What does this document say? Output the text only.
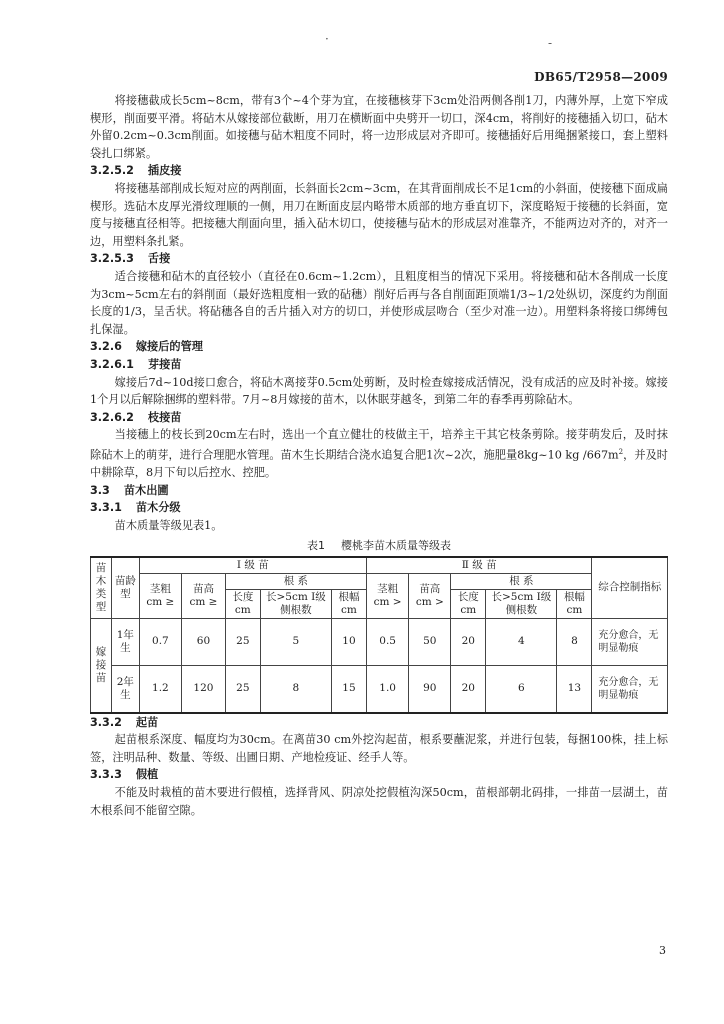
·	-
DB65/T2958—2009

将接穗截成长5cm~8cm，带有3个~4个芽为宜，在接穗核芽下3cm处沿两侧各削1刀，内薄外厚，上宽下窄成楔形，削面要平滑。将砧木从嫁接部位截断，用刀在横断面中央劈开一切口，深4cm，将削好的接穗插入切口，砧木外留0.2cm~0.3cm削面。如接穗与砧木粗度不同时，将一边形成层对齐即可。接穗插好后用绳捆紧接口，套上塑料袋扎口绑紧。

3.2.5.2 插皮接

将接穗基部削成长短对应的两削面，长斜面长2cm~3cm，在其背面削成长不足1cm的小斜面，使接穗下面成扁楔形。选砧木皮厚光滑纹理顺的一侧，用刀在断面皮层内略带木质部的地方垂直切下，深度略短于接穗的长斜面，宽度与接穗直径相等。把接穗大削面向里，插入砧木切口，使接穗与砧木的形成层对准靠齐，不能两边对齐的，对齐一边，用塑料条扎紧。

3.2.5.3 舌接

适合接穗和砧木的直径较小（直径在0.6cm~1.2cm），且粗度相当的情况下采用。将接穗和砧木各削成一长度为3cm~5cm左右的斜削面（最好选粗度相一致的砧穗）削好后再与各自削面距顶端1/3~1/2处纵切，深度约为削面长度的1/3，呈舌状。将砧穗各自的舌片插入对方的切口，并使形成层吻合（至少对准一边）。用塑料条将接口绑缚包扎保湿。

3.2.6 嫁接后的管理
3.2.6.1 芽接苗

嫁接后7d~10d接口愈合，将砧木离接芽0.5cm处剪断，及时检查嫁接成活情况，没有成活的应及时补接。嫁接1个月以后解除捆绑的塑料带。7月~8月嫁接的苗木，以休眠芽越冬，到第二年的春季再剪除砧木。

3.2.6.2 枝接苗

当接穗上的枝长到20cm左右时，选出一个直立健壮的枝做主干，培养主干其它枝条剪除。接芽萌发后，及时抹除砧木上的萌芽，进行合理肥水管理。苗木生长期结合浇水追复合肥1次~2次，施肥量8kg~10 kg $/667m^2$，并及时中耕除草，8月下旬以后控水、控肥。

3.3 苗木出圃
3.3.1 苗木分级

苗木质量等级见表1。

表1 樱桃李苗木质量等级表
苗木类型	苗龄型	Ⅰ 级 苗					Ⅱ 级 苗					综合控制指标
		茎粗 cm ≥	苗高 cm ≥	根 系			茎粗 cm >	苗高 cm >	根 系			
				长度 cm	长>5cm Ⅰ级侧根数	根幅 cm			长度 cm	长>5cm Ⅰ级侧根数	根幅 cm	
嫁接苗	1年生	0.7	60	25	5	10	0.5	50	20	4	8	充分愈合，无明显勒痕
	2年生	1.2	120	25	8	15	1.0	90	20	6	13	充分愈合，无明显勒痕
3.3.2 起苗

起苗根系深度、幅度均为30cm。在离苗30 cm外挖沟起苗，根系要蘸泥浆，并进行包装，每捆100株，挂上标签，注明品种、数量、等级、出圃日期、产地检疫证、经手人等。

3.3.3 假植

不能及时栽植的苗木要进行假植，选择背风、阴凉处挖假植沟深50cm，苗根部朝北码排，一排苗一层湖土，苗木根系间不能留空隙。

3
